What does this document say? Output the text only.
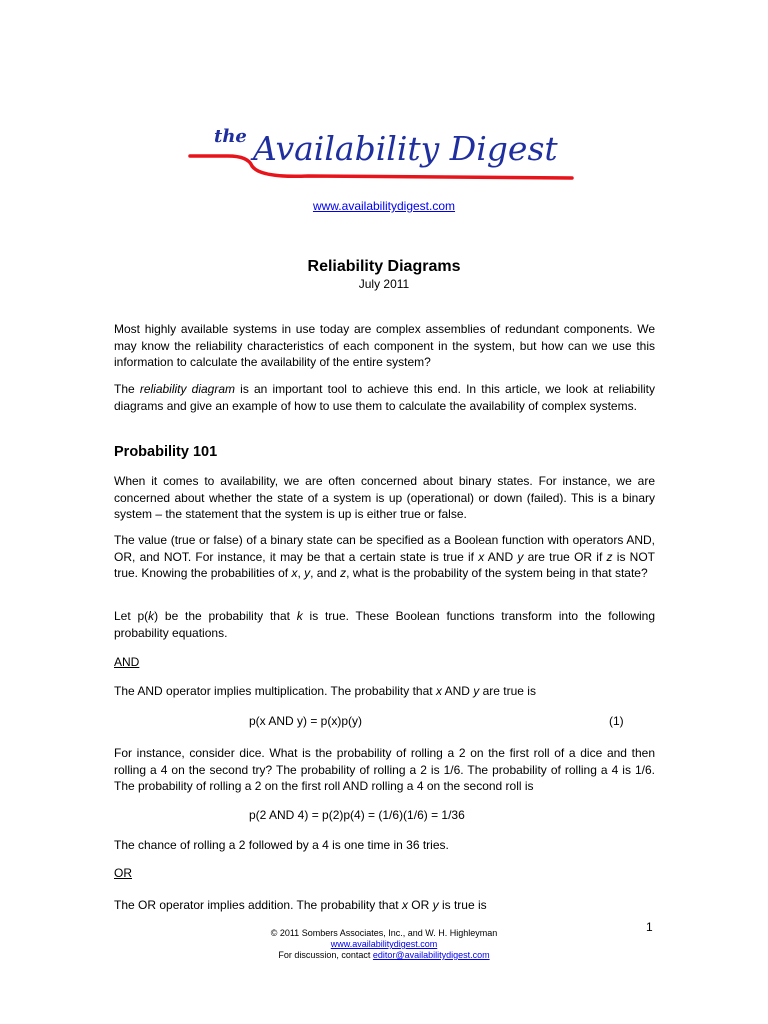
the Availability Digest
www.availabilitydigest.com
Reliability Diagrams
July 2011

Most highly available systems in use today are complex assemblies of redundant components. We may know the reliability characteristics of each component in the system, but how can we use this information to calculate the availability of the entire system?

The reliability diagram is an important tool to achieve this end. In this article, we look at reliability diagrams and give an example of how to use them to calculate the availability of complex systems.

Probability 101

When it comes to availability, we are often concerned about binary states. For instance, we are concerned about whether the state of a system is up (operational) or down (failed). This is a binary system – the statement that the system is up is either true or false.

The value (true or false) of a binary state can be specified as a Boolean function with operators AND, OR, and NOT. For instance, it may be that a certain state is true if x AND y are true OR if z is NOT true. Knowing the probabilities of x, y, and z, what is the probability of the system being in that state?

Let p(k) be the probability that k is true. These Boolean functions transform into the following probability equations.

AND

The AND operator implies multiplication. The probability that x AND y are true is

p(x AND y) = p(x)p(y)	(1)

For instance, consider dice. What is the probability of rolling a 2 on the first roll of a dice and then rolling a 4 on the second try? The probability of rolling a 2 is 1/6. The probability of rolling a 4 is 1/6. The probability of rolling a 2 on the first roll AND rolling a 4 on the second roll is

p(2 AND 4) = p(2)p(4) = (1/6)(1/6) = 1/36

The chance of rolling a 2 followed by a 4 is one time in 36 tries.

OR

The OR operator implies addition. The probability that x OR y is true is

1
© 2011 Sombers Associates, Inc., and W. H. Highleyman
www.availabilitydigest.com
For discussion, contact editor@availabilitydigest.com
